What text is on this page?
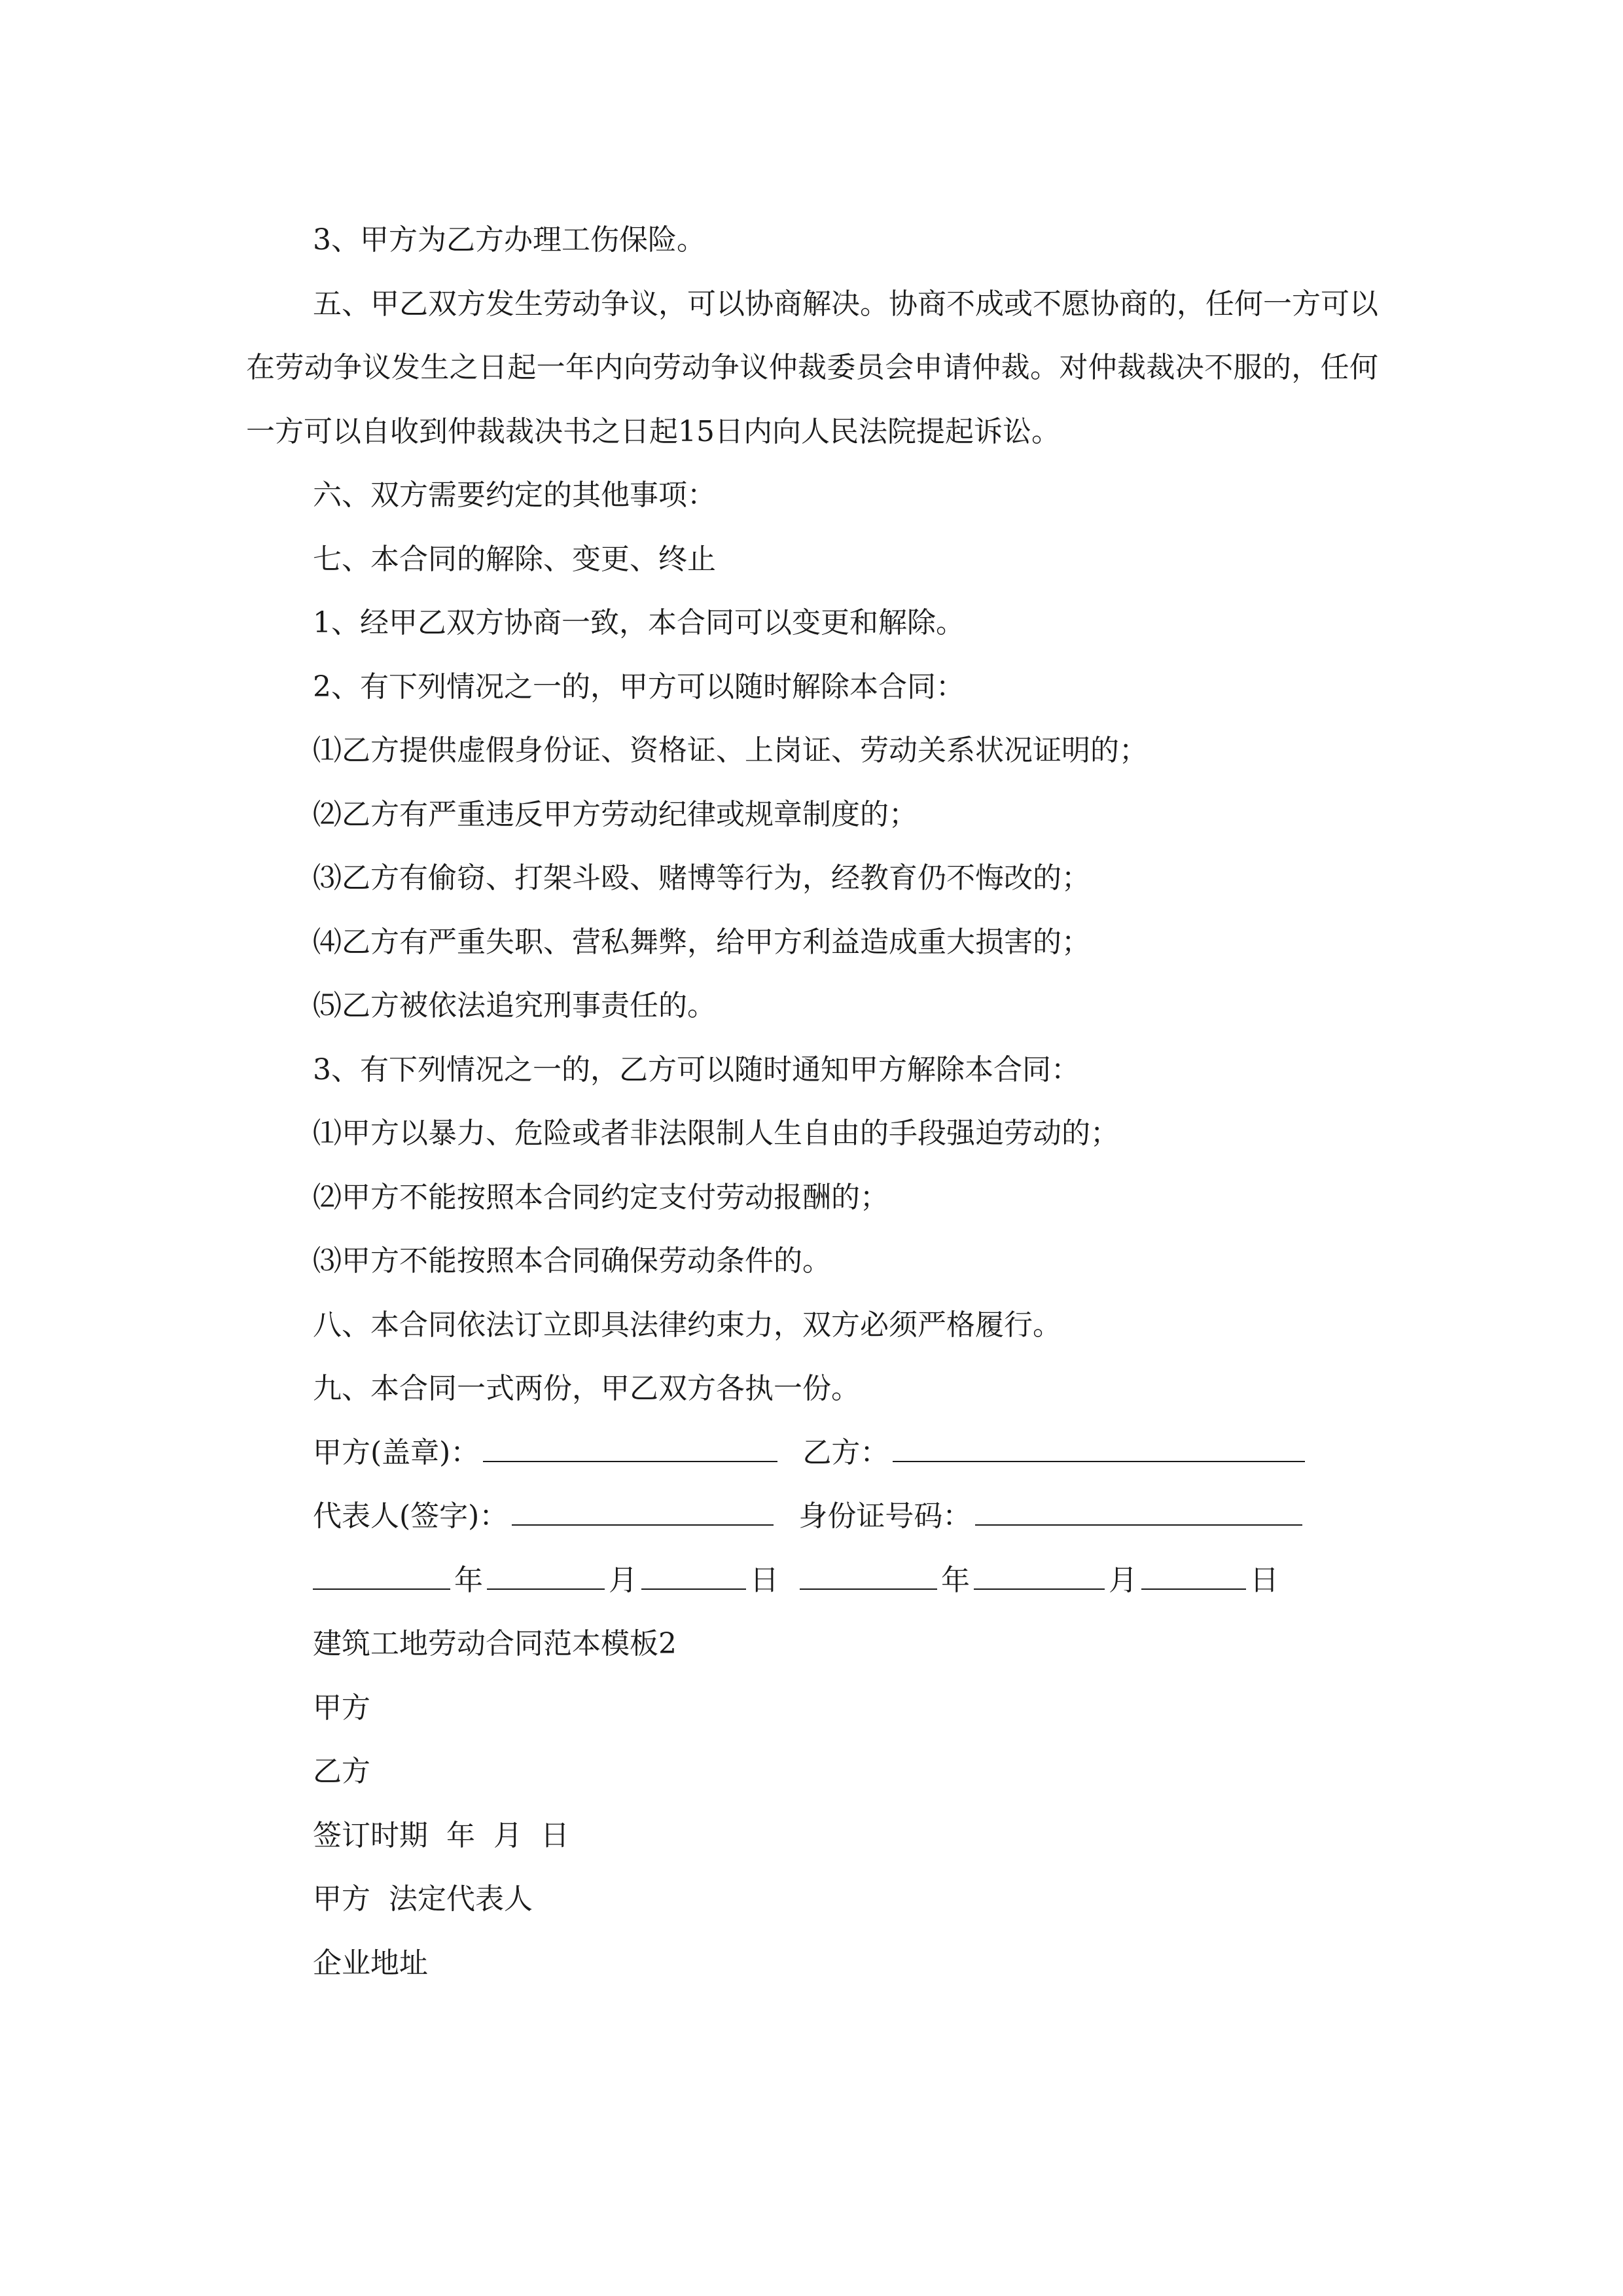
3、甲方为乙方办理工伤保险。

五、甲乙双方发生劳动争议，可以协商解决。协商不成或不愿协商的，任何一方可以在劳动争议发生之日起一年内向劳动争议仲裁委员会申请仲裁。对仲裁裁决不服的，任何一方可以自收到仲裁裁决书之日起15日内向人民法院提起诉讼。

六、双方需要约定的其他事项：

七、本合同的解除、变更、终止

1、经甲乙双方协商一致，本合同可以变更和解除。

2、有下列情况之一的，甲方可以随时解除本合同：

⑴乙方提供虚假身份证、资格证、上岗证、劳动关系状况证明的；

⑵乙方有严重违反甲方劳动纪律或规章制度的；

⑶乙方有偷窃、打架斗殴、赌博等行为，经教育仍不悔改的；

⑷乙方有严重失职、营私舞弊，给甲方利益造成重大损害的；

⑸乙方被依法追究刑事责任的。

3、有下列情况之一的，乙方可以随时通知甲方解除本合同：

⑴甲方以暴力、危险或者非法限制人生自由的手段强迫劳动的；

⑵甲方不能按照本合同约定支付劳动报酬的；

⑶甲方不能按照本合同确保劳动条件的。

八、本合同依法订立即具法律约束力，双方必须严格履行。

九、本合同一式两份，甲乙双方各执一份。

甲方(盖章)：	乙方：
代表人(签字)：	身份证号码：
年	月	日	年	月	日

建筑工地劳动合同范本模板2

甲方

乙方

签订时期  年  月  日

甲方  法定代表人

企业地址
